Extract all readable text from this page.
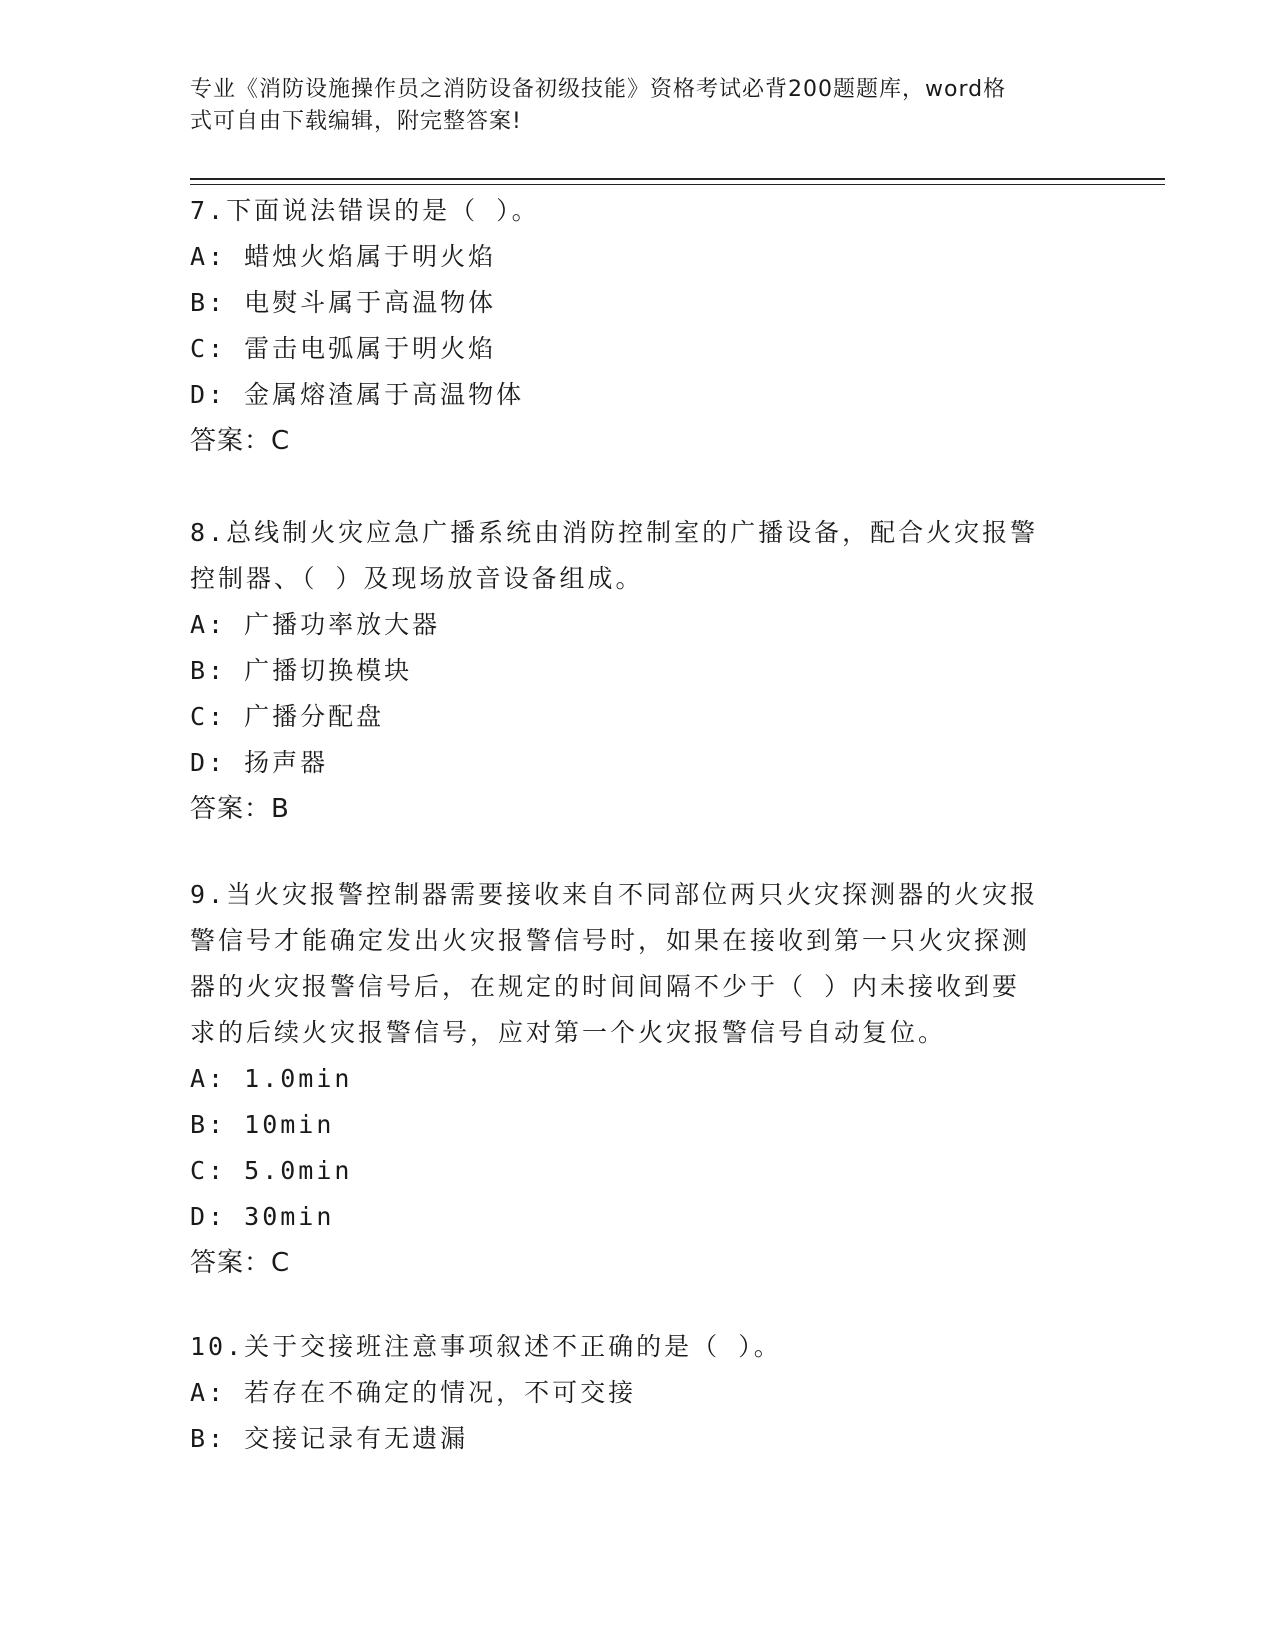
专业《消防设施操作员之消防设备初级技能》资格考试必背200题题库，word格
式可自由下载编辑，附完整答案!
7.下面说法错误的是（ ）。
A: 蜡烛火焰属于明火焰
B: 电熨斗属于高温物体
C: 雷击电弧属于明火焰
D: 金属熔渣属于高温物体
答案：C
8.总线制火灾应急广播系统由消防控制室的广播设备，配合火灾报警
控制器、（ ）及现场放音设备组成。
A: 广播功率放大器
B: 广播切换模块
C: 广播分配盘
D: 扬声器
答案：B
9.当火灾报警控制器需要接收来自不同部位两只火灾探测器的火灾报
警信号才能确定发出火灾报警信号时，如果在接收到第一只火灾探测
器的火灾报警信号后，在规定的时间间隔不少于（ ）内未接收到要
求的后续火灾报警信号，应对第一个火灾报警信号自动复位。
A: 1.0min
B: 10min
C: 5.0min
D: 30min
答案：C
10.关于交接班注意事项叙述不正确的是（ ）。
A: 若存在不确定的情况，不可交接
B: 交接记录有无遗漏
